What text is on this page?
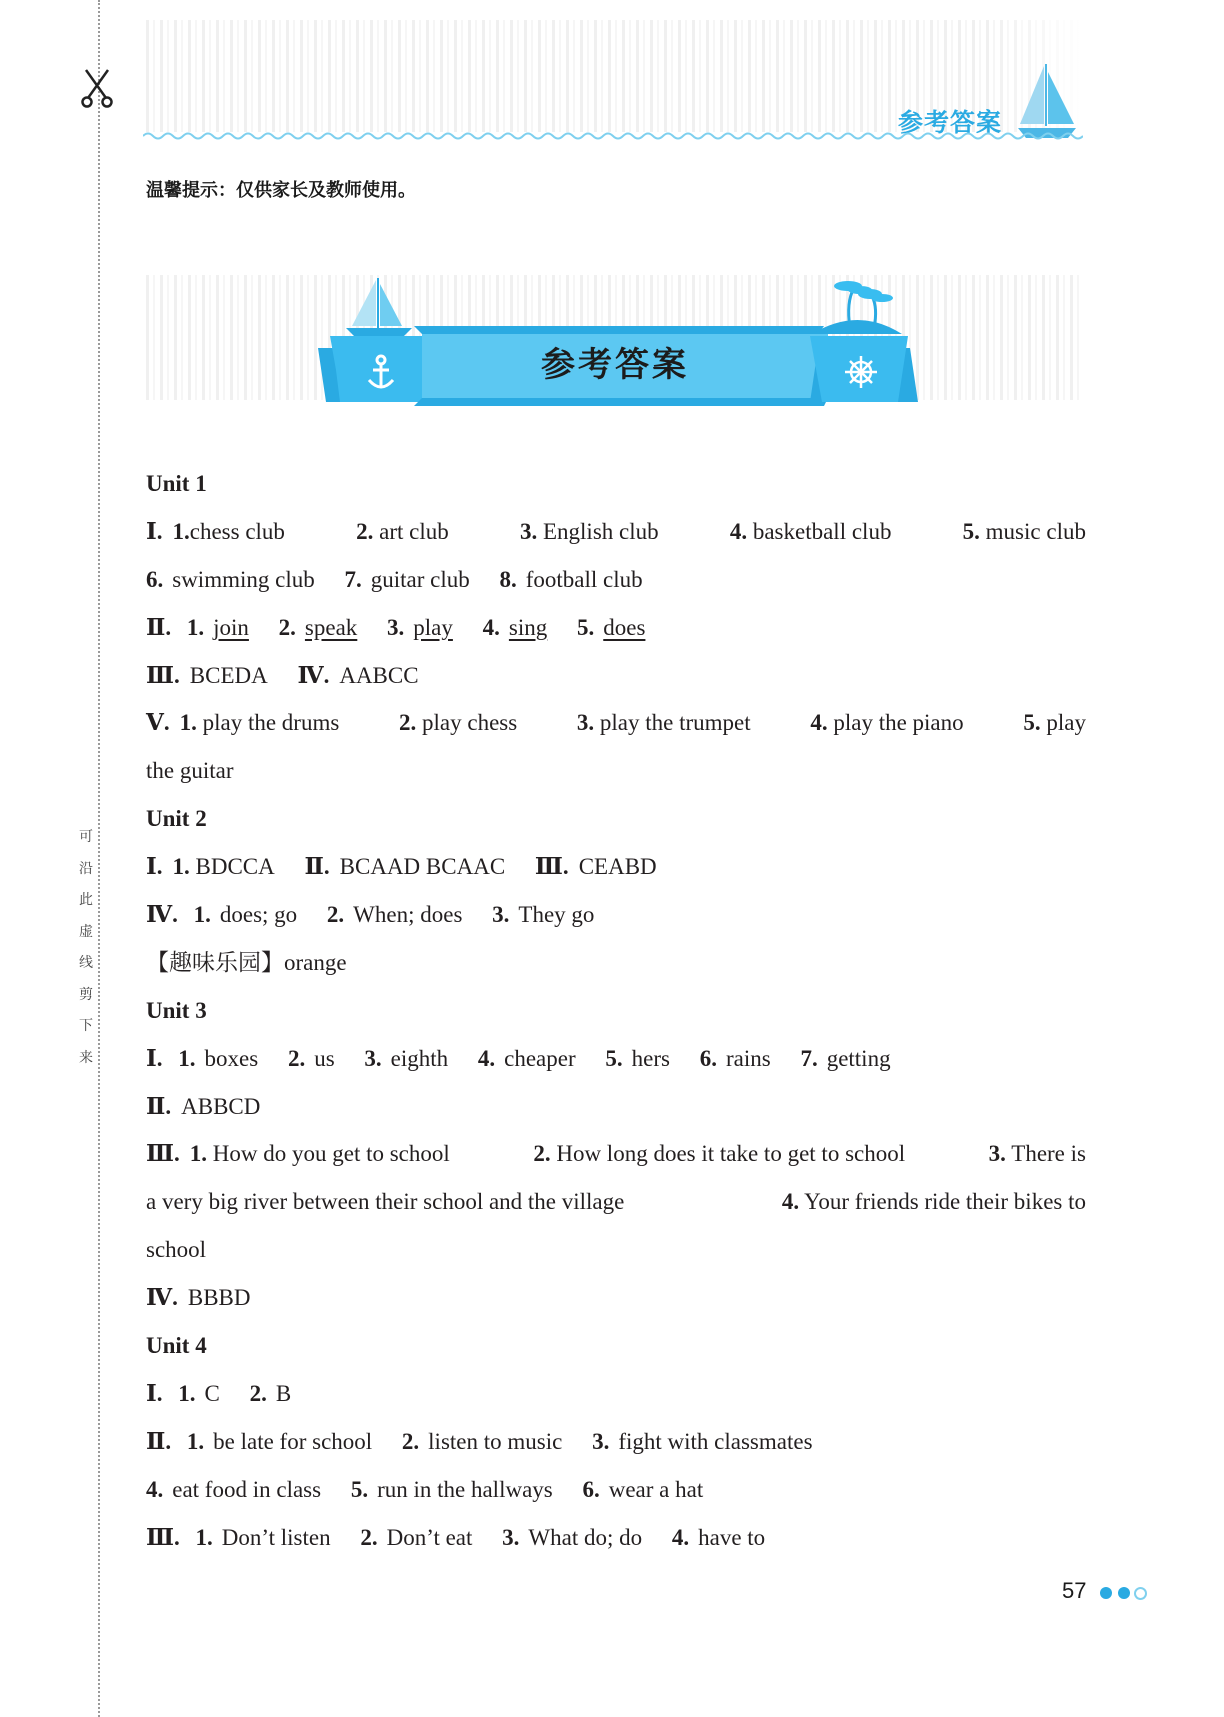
可
沿
此
虚
线
剪
下
来
参考答案
温馨提示：仅供家长及教师使用。
参考答案
Unit 1
Ⅰ. 1.chess club	2. art club	3. English club	4. basketball club	5. music club
6. swimming club 7. guitar club 8. football club
Ⅱ. 1. join 2. speak 3. play 4. sing 5. does
Ⅲ. BCEDA Ⅳ. AABCC
Ⅴ. 1. play the drums	2. play chess	3. play the trumpet	4. play the piano	5. play
the guitar
Unit 2
Ⅰ. 1. BDCCA Ⅱ. BCAAD BCAAC Ⅲ. CEABD
Ⅳ. 1. does; go 2. When; does 3. They go
【趣味乐园】orange
Unit 3
Ⅰ. 1. boxes 2. us 3. eighth 4. cheaper 5. hers 6. rains 7. getting
Ⅱ. ABBCD
Ⅲ. 1. How do you get to school	2. How long does it take to get to school	3. There is
a very big river between their school and the village	4. Your friends ride their bikes to
school
Ⅳ. BBBD
Unit 4
Ⅰ. 1. C 2. B
Ⅱ. 1. be late for school 2. listen to music 3. fight with classmates
4. eat food in class 5. run in the hallways 6. wear a hat
Ⅲ. 1. Don’t listen 2. Don’t eat 3. What do; do 4. have to
57
